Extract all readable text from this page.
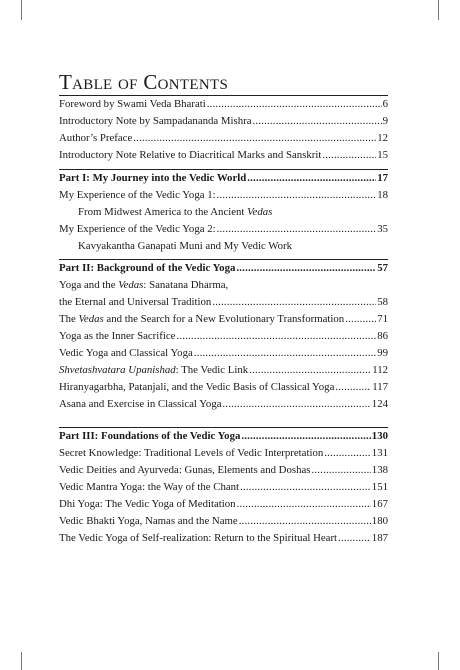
Table of Contents
Foreword by Swami Veda Bharati .....	6
Introductory Note by Sampadananda Mishra .....	9
Author’s Preface .....	12
Introductory Note Relative to Diacritical Marks and Sanskrit .....	15
Part I: My Journey into the Vedic World .....	17
My Experience of the Vedic Yoga 1: .....	18
From Midwest America to the Ancient Vedas
My Experience of the Vedic Yoga 2: .....	35
Kavyakantha Ganapati Muni and My Vedic Work
Part II: Background of the Vedic Yoga .....	57
Yoga and the Vedas: Sanatana Dharma,
the Eternal and Universal Tradition .....	58
The Vedas and the Search for a New Evolutionary Transformation .....	71
Yoga as the Inner Sacrifice .....	86
Vedic Yoga and Classical Yoga .....	99
Shvetashvatara Upanishad: The Vedic Link .....	112
Hiranyagarbha, Patanjali, and the Vedic Basis of Classical Yoga .....	117
Asana and Exercise in Classical Yoga .....	124
Part III: Foundations of the Vedic Yoga .....	130
Secret Knowledge: Traditional Levels of Vedic Interpretation .....	131
Vedic Deities and Ayurveda: Gunas, Elements and Doshas .....	138
Vedic Mantra Yoga: the Way of the Chant .....	151
Dhi Yoga: The Vedic Yoga of Meditation .....	167
Vedic Bhakti Yoga, Namas and the Name .....	180
The Vedic Yoga of Self-realization: Return to the Spiritual Heart .....	187
